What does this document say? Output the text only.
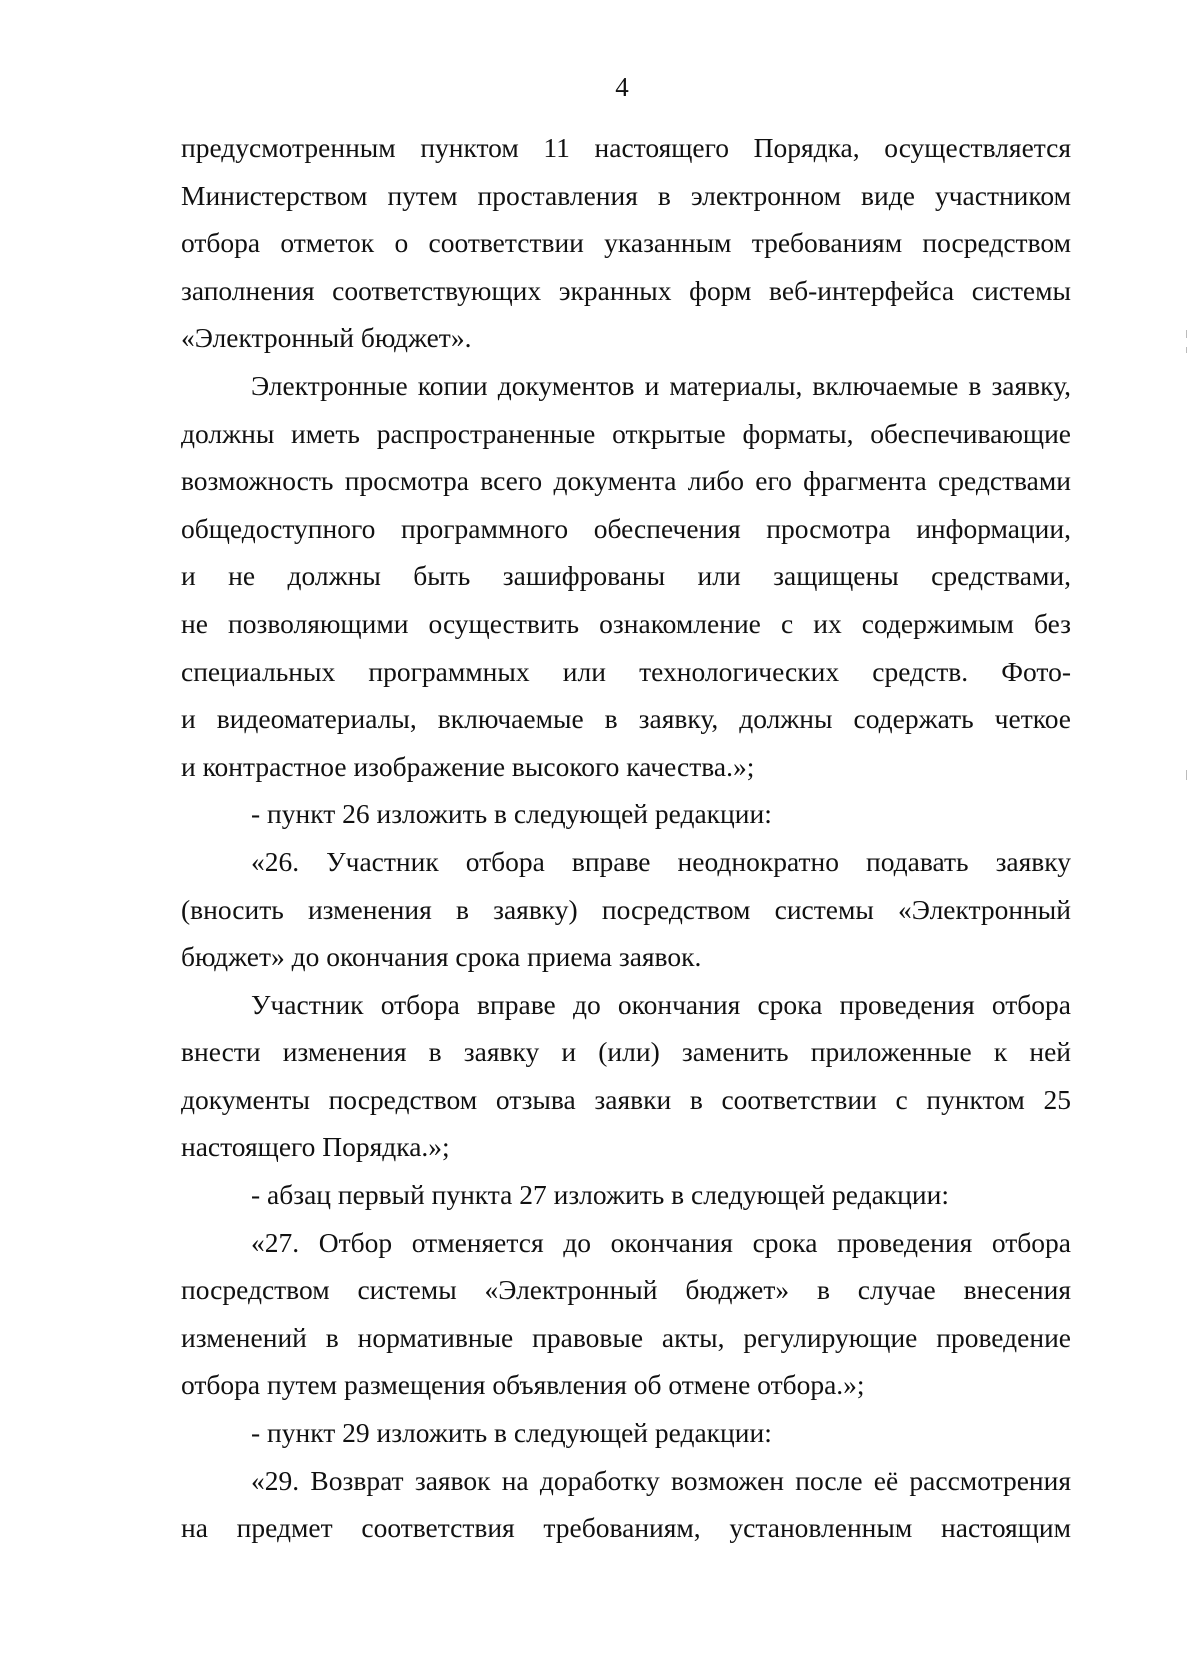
4

предусмотренным пунктом 11 настоящего Порядка, осуществляется
Министерством путем проставления в электронном виде участником
отбора отметок о соответствии указанным требованиям посредством
заполнения соответствующих экранных форм веб-интерфейса системы
«Электронный бюджет».

Электронные копии документов и материалы, включаемые в заявку,
должны иметь распространенные открытые форматы, обеспечивающие
возможность просмотра всего документа либо его фрагмента средствами
общедоступного программного обеспечения просмотра информации,
и не должны быть зашифрованы или защищены средствами,
не позволяющими осуществить ознакомление с их содержимым без
специальных программных или технологических средств. Фото-
и видеоматериалы, включаемые в заявку, должны содержать четкое
и контрастное изображение высокого качества.»;

- пункт 26 изложить в следующей редакции:

«26. Участник отбора вправе неоднократно подавать заявку
(вносить изменения в заявку) посредством системы «Электронный
бюджет» до окончания срока приема заявок.

Участник отбора вправе до окончания срока проведения отбора
внести изменения в заявку и (или) заменить приложенные к ней
документы посредством отзыва заявки в соответствии с пунктом 25
настоящего Порядка.»;

- абзац первый пункта 27 изложить в следующей редакции:

«27. Отбор отменяется до окончания срока проведения отбора
посредством системы «Электронный бюджет» в случае внесения
изменений в нормативные правовые акты, регулирующие проведение
отбора путем размещения объявления об отмене отбора.»;

- пункт 29 изложить в следующей редакции:

«29. Возврат заявок на доработку возможен после её рассмотрения
на предмет соответствия требованиям, установленным настоящим
